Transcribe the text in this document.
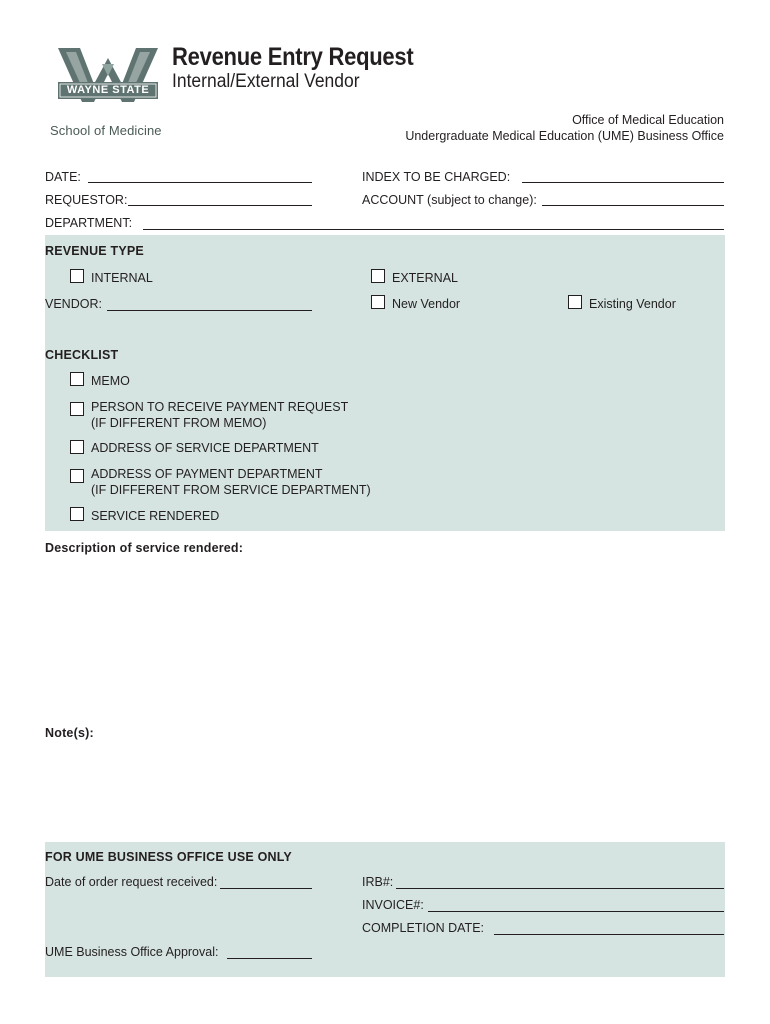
WAYNE STATE
School of Medicine
Revenue Entry Request
Internal/External Vendor
Office of Medical Education
Undergraduate Medical Education (UME) Business Office
DATE:	INDEX TO BE CHARGED:
REQUESTOR:	ACCOUNT (subject to change):
DEPARTMENT:
REVENUE TYPE
INTERNAL	EXTERNAL
VENDOR:	New Vendor	Existing Vendor
CHECKLIST
MEMO
PERSON TO RECEIVE PAYMENT REQUEST
(IF DIFFERENT FROM MEMO)
ADDRESS OF SERVICE DEPARTMENT
ADDRESS OF PAYMENT DEPARTMENT
(IF DIFFERENT FROM SERVICE DEPARTMENT)
SERVICE RENDERED
Description of service rendered:
Note(s):
FOR UME BUSINESS OFFICE USE ONLY
Date of order request received:	IRB#:
INVOICE#:
COMPLETION DATE:
UME Business Office Approval:
